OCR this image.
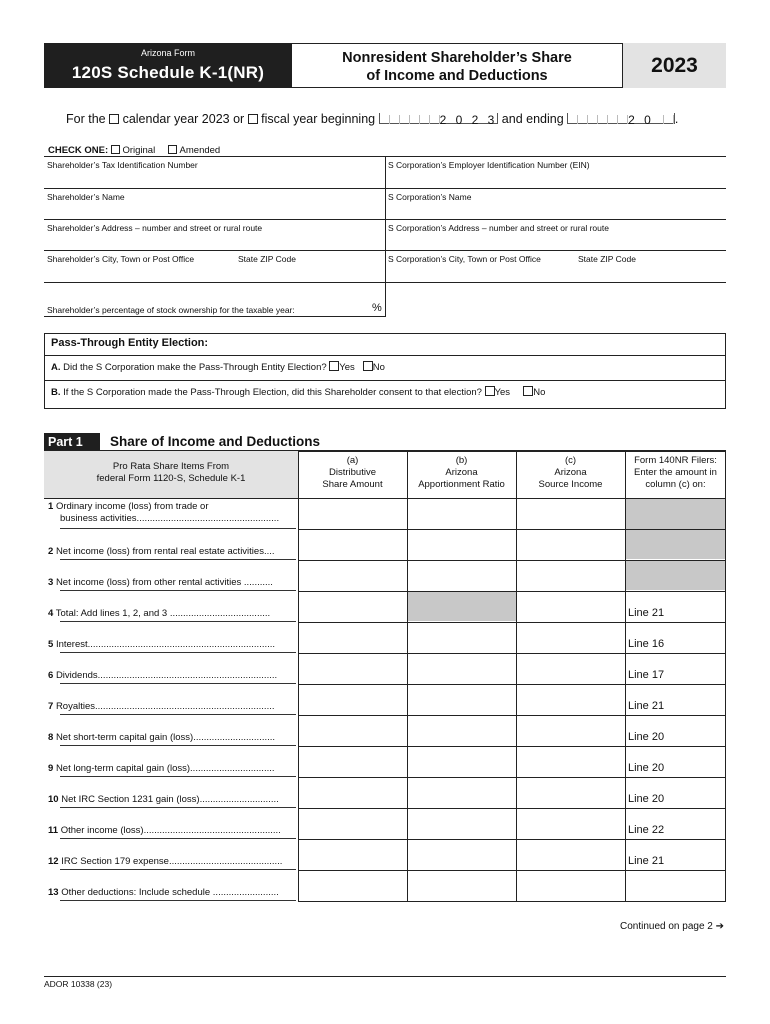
Arizona Form
120S Schedule K-1(NR)
Nonresident Shareholder’s Share
of Income and Deductions	2023
For the calendar year 2023 or fiscal year beginning	2 0 2 3 and ending	2 0 .
CHECK ONE: Original	Amended
Shareholder’s Tax Identification Number	S Corporation’s Employer Identification Number (EIN)
Shareholder’s Name	S Corporation’s Name
Shareholder’s Address – number and street or rural route	S Corporation’s Address – number and street or rural route
Shareholder’s City, Town or Post Office	State ZIP Code	S Corporation’s City, Town or Post Office	State ZIP Code
Shareholder’s percentage of stock ownership for the taxable year:	%
Pass-Through Entity Election:
A. Did the S Corporation make the Pass-Through Entity Election? Yes No
B. If the S Corporation made the Pass-Through Election, did this Shareholder consent to that election? Yes No
Part 1	Share of Income and Deductions
Pro Rata Share Items From
federal Form 1120-S, Schedule K-1
(a)
Distributive
Share Amount
(b)
Arizona
Apportionment Ratio
(c)
Arizona
Source Income
Form 140NR Filers:
Enter the amount in
column (c) on:
1 Ordinary income (loss) from trade or
business activities......................................................
2 Net income (loss) from rental real estate activities....
3 Net income (loss) from other rental activities ...........
4 Total: Add lines 1, 2, and 3 ......................................	Line 21
5 Interest.......................................................................	Line 16
6 Dividends....................................................................	Line 17
7 Royalties....................................................................	Line 21
8 Net short-term capital gain (loss)...............................	Line 20
9 Net long-term capital gain (loss)................................	Line 20
10 Net IRC Section 1231 gain (loss)..............................	Line 20
11 Other income (loss)....................................................	Line 22
12 IRC Section 179 expense...........................................	Line 21
13 Other deductions: Include schedule .........................
Continued on page 2 ➔
ADOR 10338 (23)
